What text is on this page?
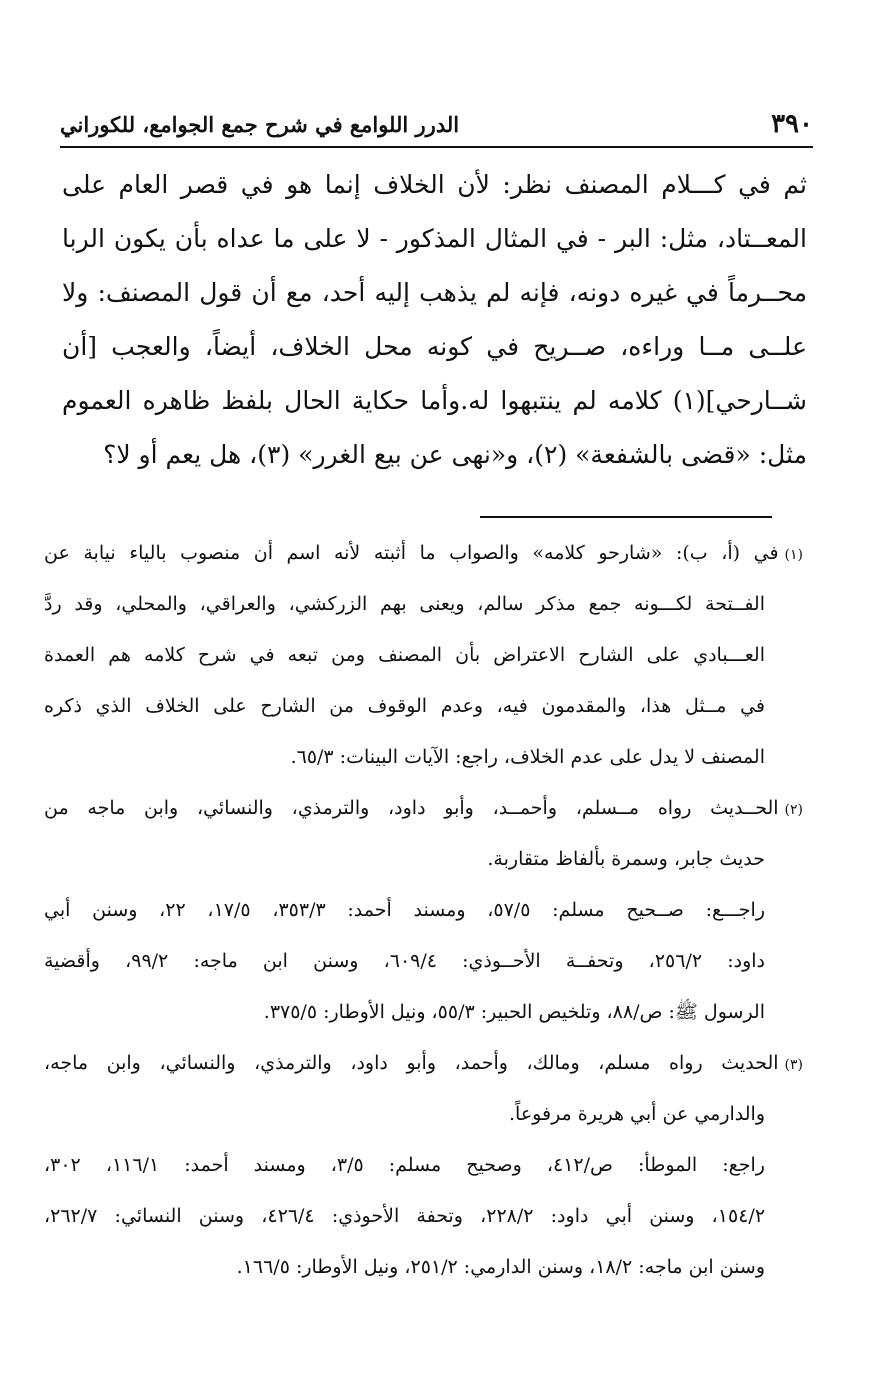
٣٩٠
الدرر اللوامع في شرح جمع الجوامع، للكوراني
ثم في كـــلام المصنف نظر: لأن الخلاف إنما هو في قصر العام على
المعــتاد، مثل: البر - في المثال المذكور - لا على ما عداه بأن يكون الربا
محــرماً في غيره دونه، فإنه لم يذهب إليه أحد، مع أن قول المصنف: ولا
علــى مــا وراءه، صــريح في كونه محل الخلاف، أيضاً، والعجب [أن
شــارحي](١) كلامه لم ينتبهوا له.وأما حكاية الحال بلفظ ظاهره العموم
مثل: «قضى بالشفعة» (٢)، و«نهى عن بيع الغرر» (٣)، هل يعم أو لا؟
(١)في (أ، ب): «شارحو كلامه» والصواب ما أثبته لأنه اسم أن منصوب بالياء نيابة عن
الفــتحة لكـــونه جمع مذكر سالم، ويعنى بهم الزركشي، والعراقي، والمحلي، وقد ردَّ
العـــبادي على الشارح الاعتراض بأن المصنف ومن تبعه في شرح كلامه هم العمدة
في مــثل هذا، والمقدمون فيه، وعدم الوقوف من الشارح على الخلاف الذي ذكره
المصنف لا يدل على عدم الخلاف، راجع: الآيات البينات: ٦٥/٣.
(٢)الحــديث رواه مــسلم، وأحمــد، وأبو داود، والترمذي، والنسائي، وابن ماجه من
حديث جابر، وسمرة بألفاظ متقاربة.
راجـــع: صــحيح مسلم: ٥٧/٥، ومسند أحمد: ٣٥٣/٣، ١٧/٥، ٢٢، وسنن أبي
داود: ٢٥٦/٢، وتحفــة الأحــوذي: ٦٠٩/٤، وسنن ابن ماجه: ٩٩/٢، وأقضية
الرسول ﷺ: ص/٨٨، وتلخيص الحبير: ٥٥/٣، ونيل الأوطار: ٣٧٥/٥.
(٣)الحديث رواه مسلم، ومالك، وأحمد، وأبو داود، والترمذي، والنسائي، وابن ماجه،
والدارمي عن أبي هريرة مرفوعاً.
راجع: الموطأ: ص/٤١٢، وصحيح مسلم: ٣/٥، ومسند أحمد: ١١٦/١، ٣٠٢،
١٥٤/٢، وسنن أبي داود: ٢٢٨/٢، وتحفة الأحوذي: ٤٢٦/٤، وسنن النسائي: ٢٦٢/٧،
وسنن ابن ماجه: ١٨/٢، وسنن الدارمي: ٢٥١/٢، ونيل الأوطار: ١٦٦/٥.
